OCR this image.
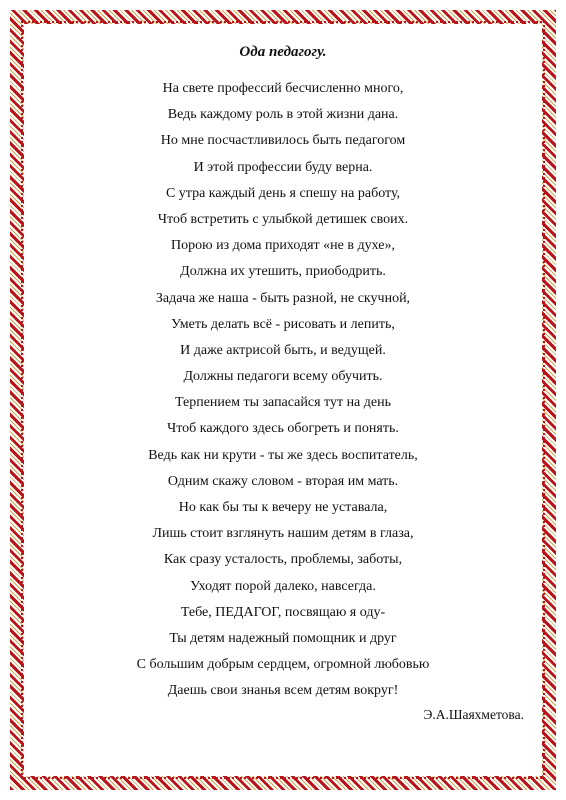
Ода педагогу.
На свете профессий бесчисленно много,
Ведь каждому роль в этой жизни дана.
Но мне посчастливилось быть педагогом
И этой профессии буду верна.
С утра каждый день я спешу на работу,
Чтоб встретить с улыбкой детишек своих.
Порою из дома приходят «не в духе»,
Должна их утешить, приободрить.
Задача же наша - быть разной, не скучной,
Уметь делать всё - рисовать и лепить,
И даже актрисой быть, и ведущей.
Должны педагоги всему обучить.
Терпением ты запасайся тут на день
Чтоб каждого здесь обогреть и понять.
Ведь как ни крути - ты же здесь воспитатель,
Одним скажу словом - вторая им мать.
Но как бы ты к вечеру не уставала,
Лишь стоит взглянуть нашим детям в глаза,
Как сразу усталость, проблемы, заботы,
Уходят порой далеко, навсегда.
Тебе, ПЕДАГОГ, посвящаю я оду-
Ты детям надежный помощник и друг
С большим добрым сердцем, огромной любовью
Даешь свои знанья всем детям вокруг!
Э.А.Шаяхметова.
